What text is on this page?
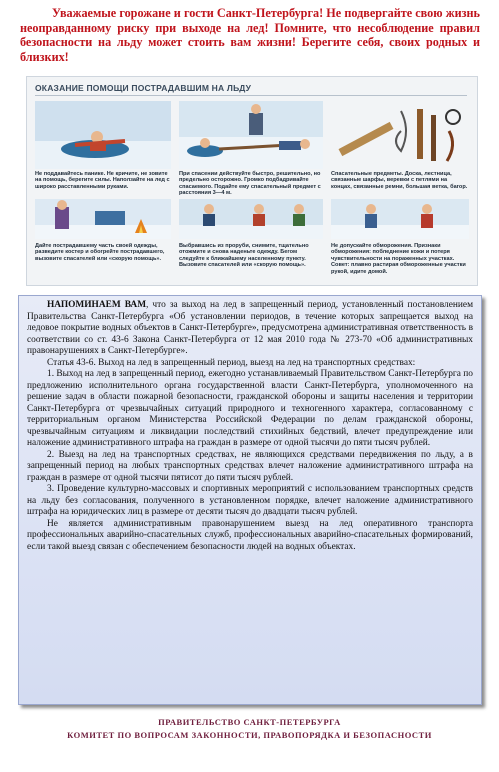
Уважаемые горожане и гости Санкт-Петербурга! Не подвергайте свою жизнь неоправданному риску при выходе на лед! Помните, что несоблюдение правил безопасности на льду может стоить вам жизни! Берегите себя, своих родных и близких!

ОКАЗАНИЕ ПОМОЩИ ПОСТРАДАВШИМ НА ЛЬДУ
Не поддавайтесь панике. Не кричите, не зовите на помощь, берегите силы. Наползайте на лед с широко расставленными руками.
При спасении действуйте быстро, решительно, но предельно осторожно. Громко подбадривайте спасаемого. Подайте ему спасательный предмет с расстояния 3—4 м.
Спасательные предметы. Доска, лестница, связанные шарфы, веревки с петлями на концах, связанные ремни, большая ветка, багор.
Дайте пострадавшему часть своей одежды, разведите костер и обогрейте пострадавшего, вызовите спасателей или «скорую помощь».
Выбравшись из проруби, снимите, тщательно отожмите и снова наденьте одежду. Бегом следуйте к ближайшему населенному пункту. Вызовите спасателей или «скорую помощь».
Не допускайте обморожения. Признаки обморожения: побледнение кожи и потеря чувствительности на пораженных участках. Совет: плавно растирая обмороженные участки рукой, идите домой.

НАПОМИНАЕМ ВАМ, что за выход на лед в запрещенный период, установленный постановлением Правительства Санкт-Петербурга «Об установлении периодов, в течение которых запрещается выход на ледовое покрытие водных объектов в Санкт-Петербурге», предусмотрена административная ответственность в соответствии со ст. 43-6 Закона Санкт-Петербурга от 12 мая 2010 года № 273-70 «Об административных правонарушениях в Санкт-Петербурге».

Статья 43-6. Выход на лед в запрещенный период, выезд на лед на транспортных средствах:

1. Выход на лед в запрещенный период, ежегодно устанавливаемый Правительством Санкт-Петербурга по предложению исполнительного органа государственной власти Санкт-Петербурга, уполномоченного на решение задач в области пожарной безопасности, гражданской обороны и защиты населения и территории Санкт-Петербурга от чрезвычайных ситуаций природного и техногенного характера, согласованному с территориальным органом Министерства Российской Федерации по делам гражданской обороны, чрезвычайным ситуациям и ликвидации последствий стихийных бедствий, влечет предупреждение или наложение административного штрафа на граждан в размере от одной тысячи до пяти тысяч рублей.

2. Выезд на лед на транспортных средствах, не являющихся средствами передвижения по льду, а в запрещенный период на любых транспортных средствах влечет наложение административного штрафа на граждан в размере от одной тысячи пятисот до пяти тысяч рублей.

3. Проведение культурно-массовых и спортивных мероприятий с использованием транспортных средств на льду без согласования, полученного в установленном порядке, влечет наложение административного штрафа на юридических лиц в размере от десяти тысяч до двадцати тысяч рублей.

Не является административным правонарушением выезд на лед оперативного транспорта профессиональных аварийно-спасательных служб, профессиональных аварийно-спасательных формирований, если такой выезд связан с обеспечением безопасности людей на водных объектах.

ПРАВИТЕЛЬСТВО САНКТ-ПЕТЕРБУРГА
КОМИТЕТ ПО ВОПРОСАМ ЗАКОННОСТИ, ПРАВОПОРЯДКА И БЕЗОПАСНОСТИ
